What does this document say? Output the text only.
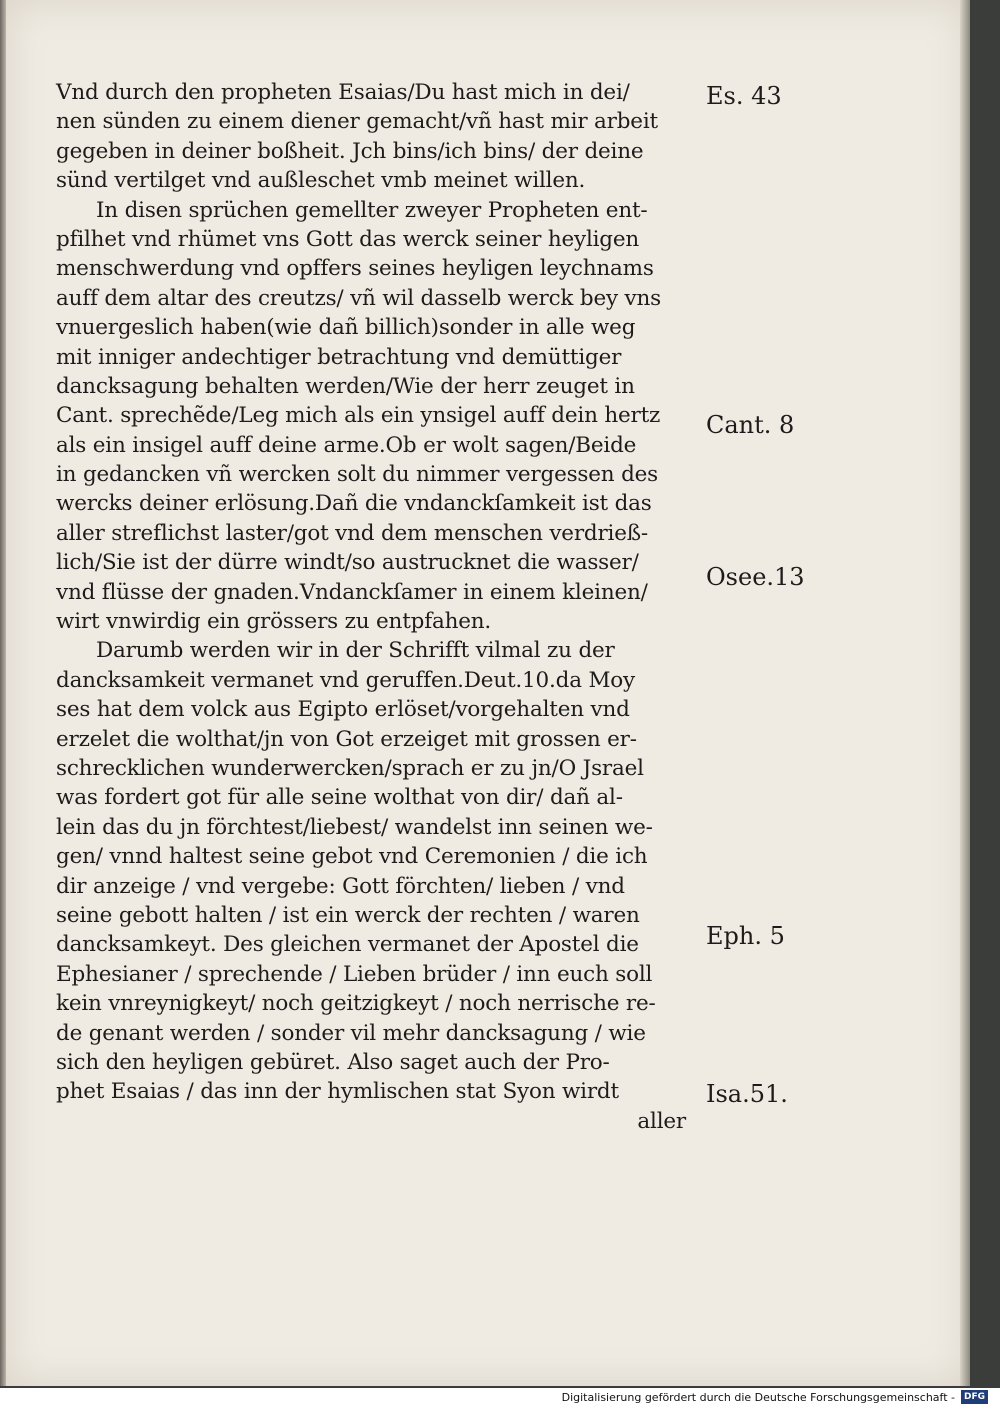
Vnd durch den propheten Esaias/Du hast mich in dei/
nen sünden zu einem diener gemacht/vñ hast mir arbeit
gegeben in deiner boßheit. Jch bins/ich bins/ der deine
sünd vertilget vnd außleschet vmb meinet willen.
In disen sprüchen gemellter zweyer Propheten ent-
pfilhet vnd rhümet vns Gott das werck seiner heyligen
menschwerdung vnd opffers seines heyligen leychnams
auff dem altar des creutzs/ vñ wil dasselb werck bey vns
vnuergeslich haben(wie dañ billich)sonder in alle weg
mit inniger andechtiger betrachtung vnd demüttiger
dancksagung behalten werden/Wie der herr zeuget in
Cant. sprechẽde/Leg mich als ein ynsigel auff dein hertz
als ein insigel auff deine arme.Ob er wolt sagen/Beide
in gedancken vñ wercken solt du nimmer vergessen des
wercks deiner erlösung.Dañ die vndanckſamkeit ist das
aller streflichst laster/got vnd dem menschen verdrieß-
lich/Sie ist der dürre windt/so austrucknet die wasser/
vnd flüsse der gnaden.Vndanckſamer in einem kleinen/
wirt vnwirdig ein grössers zu entpfahen.
Darumb werden wir in der Schrifft vilmal zu der
dancksamkeit vermanet vnd geruffen.Deut.10.da Moy
ses hat dem volck aus Egipto erlöset/vorgehalten vnd
erzelet die wolthat/jn von Got erzeiget mit grossen er-
schrecklichen wunderwercken/sprach er zu jn/O Jsrael
was fordert got für alle seine wolthat von dir/ dañ al-
lein das du jn förchtest/liebest/ wandelst inn seinen we-
gen/ vnnd haltest seine gebot vnd Ceremonien / die ich
dir anzeige / vnd vergebe: Gott förchten/ lieben / vnd
seine gebott halten / ist ein werck der rechten / waren
dancksamkeyt. Des gleichen vermanet der Apostel die
Ephesianer / sprechende / Lieben brüder / inn euch soll
kein vnreynigkeyt/ noch geitzigkeyt / noch nerrische re-
de genant werden / sonder vil mehr dancksagung / wie
sich den heyligen gebüret. Also saget auch der Pro-
phet Esaias / das inn der hymlischen stat Syon wirdt
aller
Es. 43
Cant. 8
Osee.13
Eph. 5
Isa.51.
Digitalisierung gefördert durch die Deutsche Forschungsgemeinschaft -	DFG
